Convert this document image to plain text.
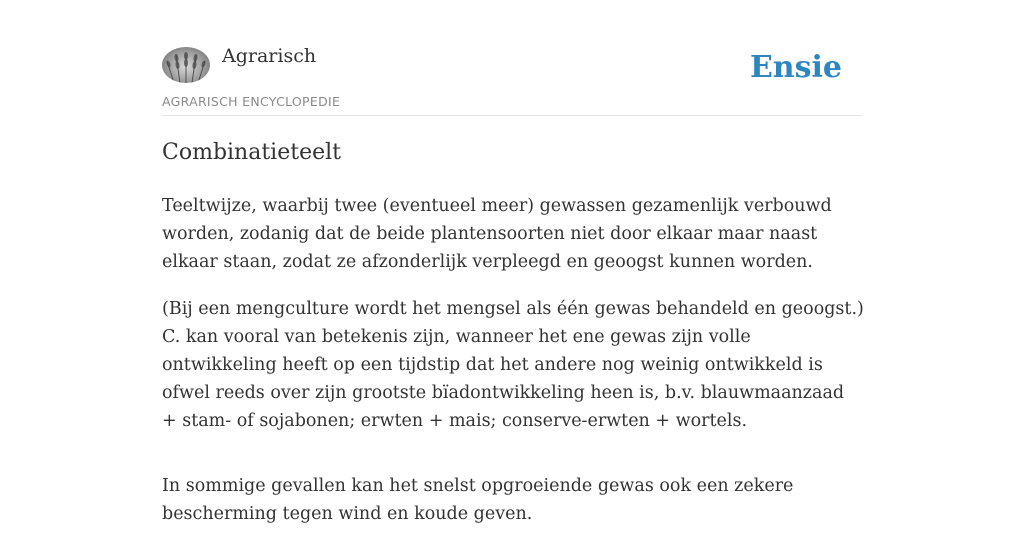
Agrarisch
AGRARISCH ENCYCLOPEDIE
Ensie
Combinatieteelt

Teeltwijze, waarbij twee (eventueel meer) gewassen gezamenlijk verbouwd worden, zodanig dat de beide plantensoorten niet door elkaar maar naast elkaar staan, zodat ze afzonderlijk verpleegd en geoogst kunnen worden.

(Bij een mengculture wordt het mengsel als één gewas behandeld en geoogst.) C. kan vooral van betekenis zijn, wanneer het ene gewas zijn volle ontwikkeling heeft op een tijdstip dat het andere nog weinig ontwikkeld is ofwel reeds over zijn grootste bïadontwikkeling heen is, b.v. blauwmaanzaad + stam- of sojabonen; erwten + mais; conserve-erwten + wortels.

In sommige gevallen kan het snelst opgroeiende gewas ook een zekere bescherming tegen wind en koude geven.
